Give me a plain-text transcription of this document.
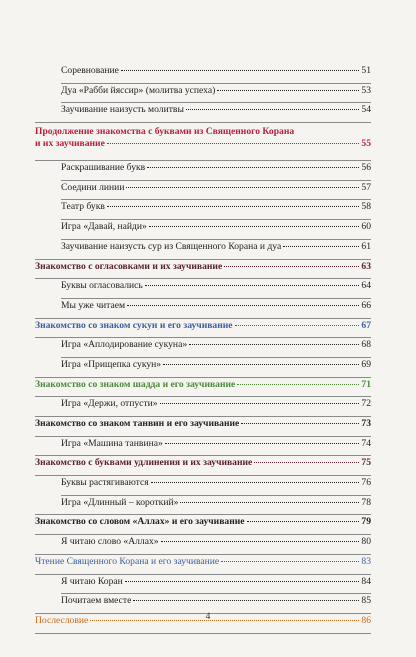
Соревнование	51
Дуа «Рабби йяссир» (молитва успеха)	53
Заучивание наизусть молитвы	54
Продолжение знакомства с буквами из Священного Корана
и их заучивание	55
Раскрашивание букв	56
Соедини линии	57
Театр букв	58
Игра «Давай, найди»	60
Заучивание наизусть сур из Священного Корана и дуа	61
Знакомство с огласовками и их заучивание	63
Буквы огласовались	64
Мы уже читаем	66
Знакомство со знаком сукун и его заучивание	67
Игра «Аплодирование сукуна»	68
Игра «Прищепка сукун»	69
Знакомство со знаком шадда и его заучивание	71
Игра «Держи, отпусти»	72
Знакомство со знаком танвин и его заучивание	73
Игра «Машина танвина»	74
Знакомство с буквами удлинения и их заучивание	75
Буквы растягиваются	76
Игра «Длинный – короткий»	78
Знакомство со словом «Аллах» и его заучивание	79
Я читаю слово «Аллах»	80
Чтение Священного Корана и его заучивание	83
Я читаю Коран	84
Почитаем вместе	85
Послесловие	86
4
